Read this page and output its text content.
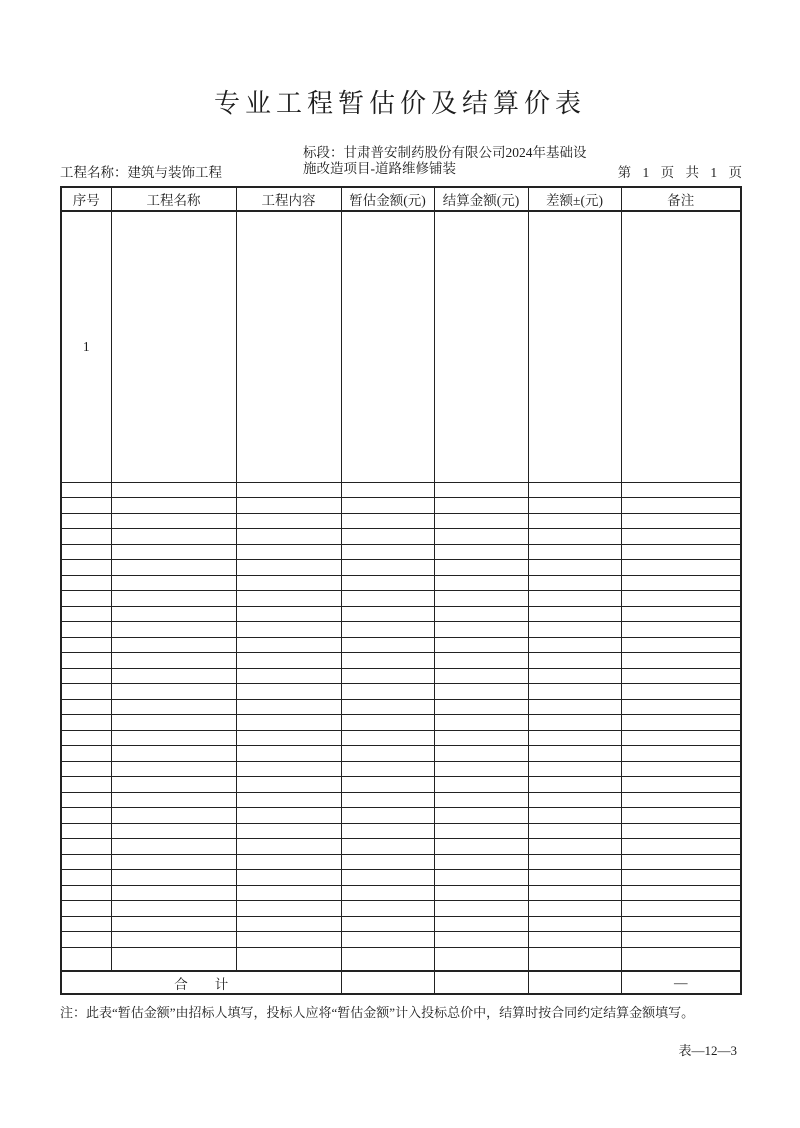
专业工程暂估价及结算价表
工程名称：建筑与装饰工程
标段：甘肃普安制药股份有限公司2024年基础设施改造项目-道路维修铺装	第 1 页 共 1 页
序号	工程名称	工程内容	暂估金额(元)	结算金额(元)	差额±(元)	备注
1						

合　　计						—
注：此表“暂估金额”由招标人填写，投标人应将“暂估金额”计入投标总价中，结算时按合同约定结算金额填写。
表—12—3
